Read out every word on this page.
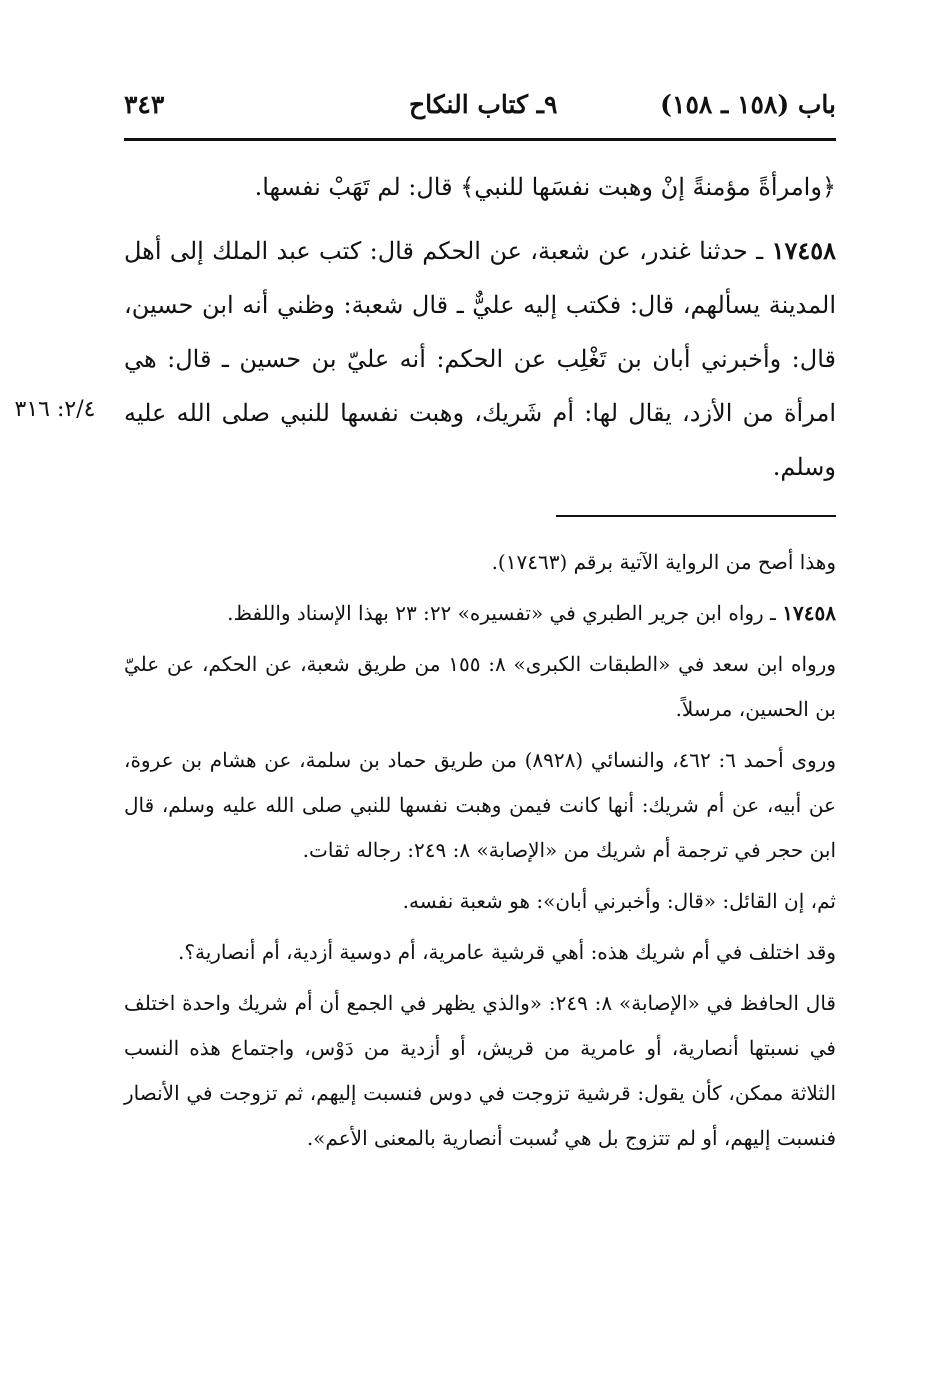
باب (١٥٨ ـ ١٥٨)
٩ـ كتاب النكاح
٣٤٣

﴿وامرأةً مؤمنةً إنْ وهبت نفسَها للنبي﴾ قال: لم تَهَبْ نفسها.

١٧٤٥٨ ـ حدثنا غندر، عن شعبة، عن الحكم قال: كتب عبد الملك إلى أهل المدينة يسألهم، قال: فكتب إليه عليٌّ ـ قال شعبة: وظني أنه ابن حسين، قال: وأخبرني أبان بن تَغْلِب عن الحكم: أنه عليّ بن حسين ـ قال: هي امرأة من الأزد، يقال لها: أم شَريك، وهبت نفسها للنبي صلى الله عليه وسلم.

٢/٤: ٣١٦

وهذا أصح من الرواية الآتية برقم (١٧٤٦٣).

١٧٤٥٨ ـ رواه ابن جرير الطبري في «تفسيره» ٢٢: ٢٣ بهذا الإسناد واللفظ.

ورواه ابن سعد في «الطبقات الكبرى» ٨: ١٥٥ من طريق شعبة، عن الحكم، عن عليّ بن الحسين، مرسلاً.

وروى أحمد ٦: ٤٦٢، والنسائي (٨٩٢٨) من طريق حماد بن سلمة، عن هشام بن عروة، عن أبيه، عن أم شريك: أنها كانت فيمن وهبت نفسها للنبي صلى الله عليه وسلم، قال ابن حجر في ترجمة أم شريك من «الإصابة» ٨: ٢٤٩: رجاله ثقات.

ثم، إن القائل: «قال: وأخبرني أبان»: هو شعبة نفسه.

وقد اختلف في أم شريك هذه: أهي قرشية عامرية، أم دوسية أزدية، أم أنصارية؟.

قال الحافظ في «الإصابة» ٨: ٢٤٩: «والذي يظهر في الجمع أن أم شريك واحدة اختلف في نسبتها أنصارية، أو عامرية من قريش، أو أزدية من دَوْس، واجتماع هذه النسب الثلاثة ممكن، كأن يقول: قرشية تزوجت في دوس فنسبت إليهم، ثم تزوجت في الأنصار فنسبت إليهم، أو لم تتزوج بل هي نُسبت أنصارية بالمعنى الأعم».
